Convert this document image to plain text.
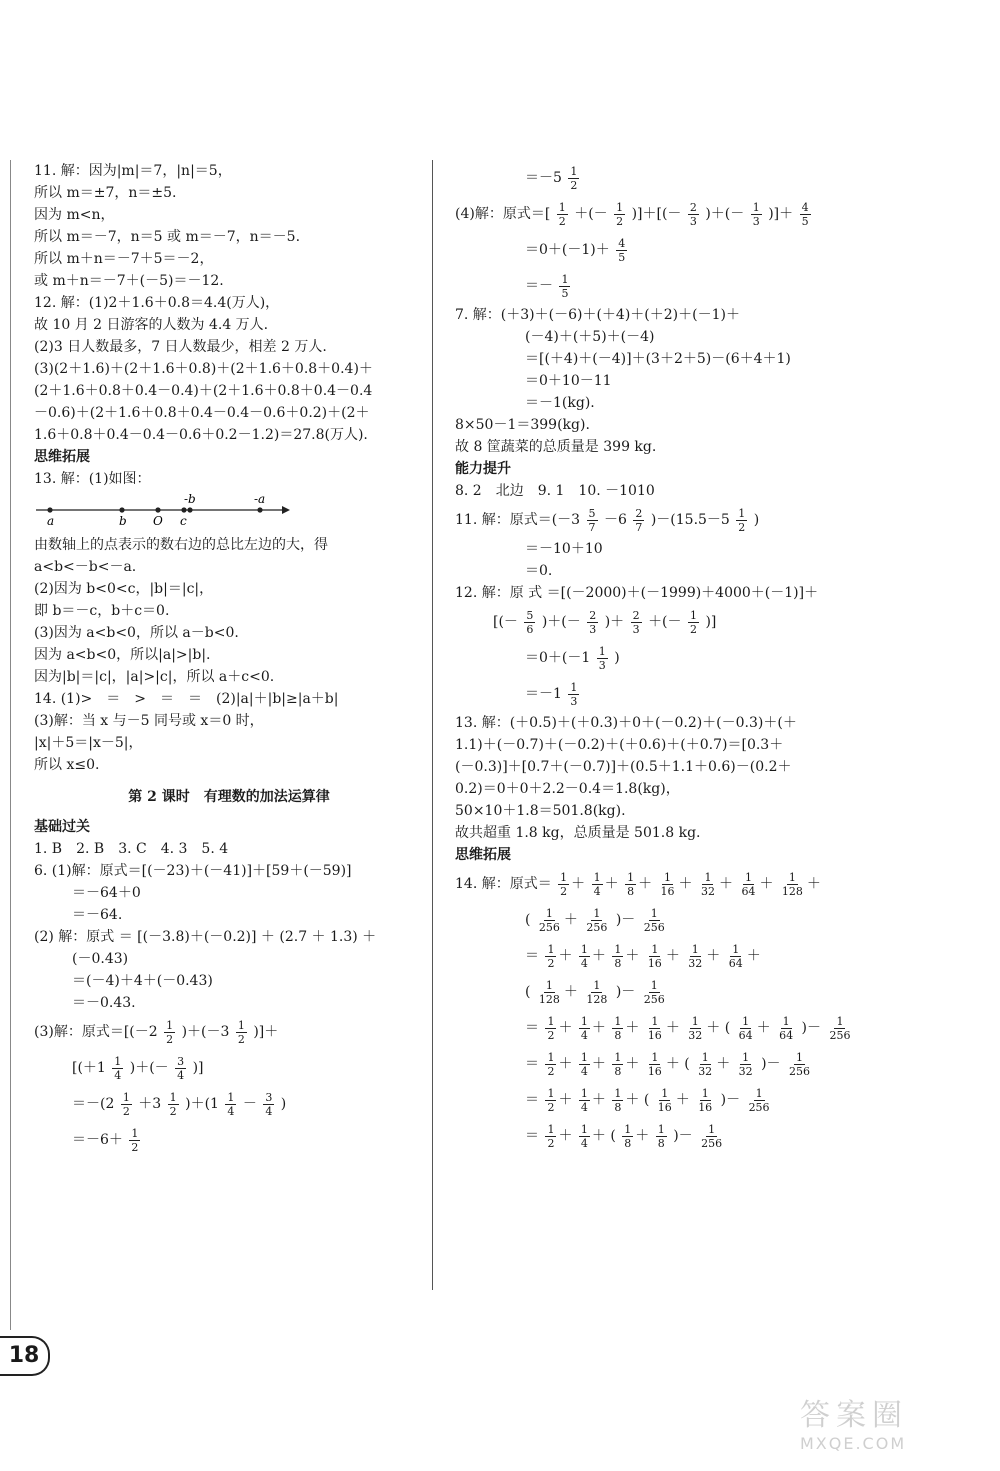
11. 解：因为|m|＝7，|n|＝5，
所以 m＝±7，n＝±5.
因为 m<n，
所以 m＝－7，n＝5 或 m＝－7，n＝－5.
所以 m＋n＝－7＋5＝－2，
或 m＋n＝－7＋(－5)＝－12.
12. 解：(1)2＋1.6＋0.8＝4.4(万人)，
故 10 月 2 日游客的人数为 4.4 万人.
(2)3 日人数最多，7 日人数最少，相差 2 万人.
(3)(2＋1.6)＋(2＋1.6＋0.8)＋(2＋1.6＋0.8＋0.4)＋
(2＋1.6＋0.8＋0.4－0.4)＋(2＋1.6＋0.8＋0.4－0.4
－0.6)＋(2＋1.6＋0.8＋0.4－0.4－0.6＋0.2)＋(2＋
1.6＋0.8＋0.4－0.4－0.6＋0.2－1.2)＝27.8(万人).
思维拓展
13. 解：(1)如图：
a	b O c
-b	-a
由数轴上的点表示的数右边的总比左边的大，得
a<b<－b<－a.
(2)因为 b<0<c，|b|＝|c|，
即 b＝－c，b＋c＝0.
(3)因为 a<b<0，所以 a－b<0.
因为 a<b<0，所以|a|>|b|.
因为|b|＝|c|，|a|>|c|，所以 a＋c<0.
14. (1)>　＝　>　＝　＝　(2)|a|＋|b|≥|a＋b|
(3)解：当 x 与－5 同号或 x＝0 时，
|x|＋5＝|x－5|，
所以 x≤0.
第 2 课时　有理数的加法运算律
基础过关
1. B　2. B　3. C　4. 3　5. 4
6. (1)解：原式＝[(－23)＋(－41)]＋[59＋(－59)]
＝－64＋0
＝－64.
(2) 解：原式 ＝ [(－3.8)＋(－0.2)] ＋ (2.7 ＋ 1.3) ＋
(－0.43)
＝(－4)＋4＋(－0.43)
＝－0.43.
(3)解：原式$=[(-2 \frac{1}{2} )+(-3 \frac{1}{2}$ )]＋
[($+1 \frac{1}{4}$ )＋(－ $\frac{3}{4}$ )]
$=-(2 \frac{1}{2} +3 \frac{1}{2} )+(1 \frac{1}{4} - \frac{3}{4}$ )
$=-6+ \frac{1}{2}$
$=-5 \frac{1}{2}$
(4)解：原式＝[ $\frac{1}{2}$ ＋(－ $\frac{1}{2}$ )]＋[(－ $\frac{2}{3}$ )＋(－ $\frac{1}{3}$ )]＋ $\frac{4}{5}$
$=0+(-1)+ \frac{4}{5}$
＝－ $\frac{1}{5}$
7. 解：(＋3)＋(－6)＋(＋4)＋(＋2)＋(－1)＋
(－4)＋(＋5)＋(－4)
＝[(＋4)＋(－4)]＋(3＋2＋5)－(6＋4＋1)
＝0＋10－11
＝－1(kg).
8×50－1＝399(kg).
故 8 筐蔬菜的总质量是 399 kg.
能力提升
8. 2　北边　9. 1　10. －1010
11. 解：原式$=(-3 \frac{5}{7} -6 \frac{2}{7} )-(15.5-5 \frac{1}{2}$ )
＝－10＋10
＝0.
12. 解：原 式 ＝[(－2000)＋(－1999)＋4000＋(－1)]＋
[(－ $\frac{5}{6}$ )＋(－ $\frac{2}{3}$ )＋ $\frac{2}{3}$ ＋(－ $\frac{1}{2}$ )]
$=0+(-1 \frac{1}{3}$ )
$=-1 \frac{1}{3}$
13. 解：(＋0.5)＋(＋0.3)＋0＋(－0.2)＋(－0.3)＋(＋
1.1)＋(－0.7)＋(－0.2)＋(＋0.6)＋(＋0.7)＝[0.3＋
(－0.3)]＋[0.7＋(－0.7)]＋(0.5＋1.1＋0.6)－(0.2＋
0.2)＝0＋0＋2.2－0.4＝1.8(kg)，
50×10＋1.8＝501.8(kg).
故共超重 1.8 kg，总质量是 501.8 kg.
思维拓展
14. 解：原式＝ $\frac{1}{2} + \frac{1}{4} + \frac{1}{8} + \frac{1}{16} + \frac{1}{32} + \frac{1}{64} + \frac{1}{128}$ ＋
( $\frac{1}{256} + \frac{1}{256}$ )－ $\frac{1}{256}$
＝ $\frac{1}{2} + \frac{1}{4} + \frac{1}{8} + \frac{1}{16} + \frac{1}{32} + \frac{1}{64}$ ＋
( $\frac{1}{128} + \frac{1}{128}$ )－ $\frac{1}{256}$
＝ $\frac{1}{2} + \frac{1}{4} + \frac{1}{8} + \frac{1}{16} + \frac{1}{32}$ ＋ ( $\frac{1}{64} + \frac{1}{64}$ )－ $\frac{1}{256}$
＝ $\frac{1}{2} + \frac{1}{4} + \frac{1}{8} + \frac{1}{16}$ ＋ ( $\frac{1}{32} + \frac{1}{32}$ )－ $\frac{1}{256}$
＝ $\frac{1}{2} + \frac{1}{4} + \frac{1}{8}$ ＋ ( $\frac{1}{16} + \frac{1}{16}$ )－ $\frac{1}{256}$
＝ $\frac{1}{2} + \frac{1}{4}$ ＋ ( $\frac{1}{8} + \frac{1}{8}$ )－ $\frac{1}{256}$
18
答案圈
MXQE.COM
